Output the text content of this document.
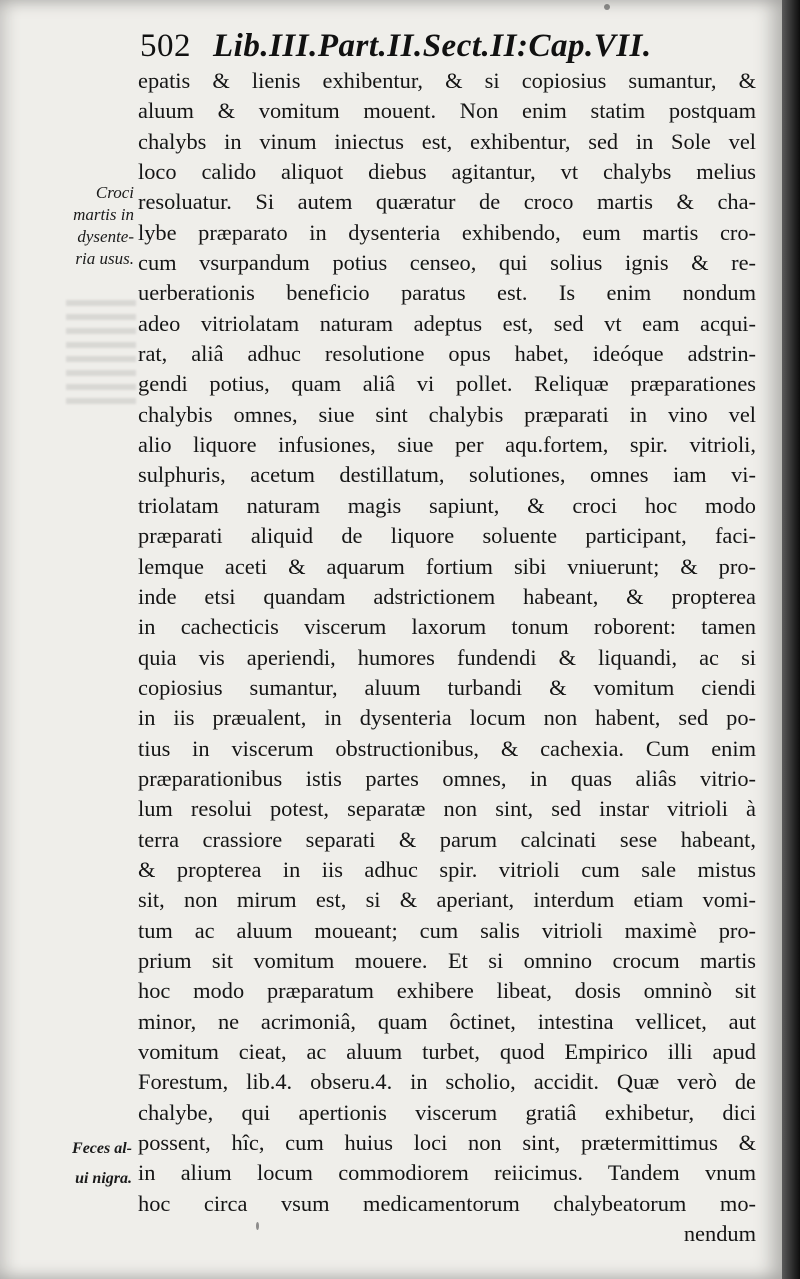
502 Lib.III.Part.II.Sect.II:Cap.VII.
Croci
martis in
dysente-
ria usus.
Feces al-
ui nigra.
epatis & lienis exhibentur, & si copiosius sumantur, &
aluum & vomitum mouent. Non enim statim postquam
chalybs in vinum iniectus est, exhibentur, sed in Sole vel
loco calido aliquot diebus agitantur, vt chalybs melius
resoluatur. Si autem quæratur de croco martis & cha-
lybe præparato in dysenteria exhibendo, eum martis cro-
cum vsurpandum potius censeo, qui solius ignis & re-
uerberationis beneficio paratus est. Is enim nondum
adeo vitriolatam naturam adeptus est, sed vt eam acqui-
rat, aliâ adhuc resolutione opus habet, ideóque adstrin-
gendi potius, quam aliâ vi pollet. Reliquæ præparationes
chalybis omnes, siue sint chalybis præparati in vino vel
alio liquore infusiones, siue per aqu.fortem, spir. vitrioli,
sulphuris, acetum destillatum, solutiones, omnes iam vi-
triolatam naturam magis sapiunt, & croci hoc modo
præparati aliquid de liquore soluente participant, faci-
lemque aceti & aquarum fortium sibi vniuerunt; & pro-
inde etsi quandam adstrictionem habeant, & propterea
in cachecticis viscerum laxorum tonum roborent: tamen
quia vis aperiendi, humores fundendi & liquandi, ac si
copiosius sumantur, aluum turbandi & vomitum ciendi
in iis præualent, in dysenteria locum non habent, sed po-
tius in viscerum obstructionibus, & cachexia. Cum enim
præparationibus istis partes omnes, in quas aliâs vitrio-
lum resolui potest, separatæ non sint, sed instar vitrioli à
terra crassiore separati & parum calcinati sese habeant,
& propterea in iis adhuc spir. vitrioli cum sale mistus
sit, non mirum est, si & aperiant, interdum etiam vomi-
tum ac aluum moueant; cum salis vitrioli maximè pro-
prium sit vomitum mouere. Et si omnino crocum martis
hoc modo præparatum exhibere libeat, dosis omninò sit
minor, ne acrimoniâ, quam ôctinet, intestina vellicet, aut
vomitum cieat, ac aluum turbet, quod Empirico illi apud
Forestum, lib.4. obseru.4. in scholio, accidit. Quæ verò de
chalybe, qui apertionis viscerum gratiâ exhibetur, dici
possent, hîc, cum huius loci non sint, prætermittimus &
in alium locum commodiorem reiicimus. Tandem vnum
hoc circa vsum medicamentorum chalybeatorum mo-
nendum
